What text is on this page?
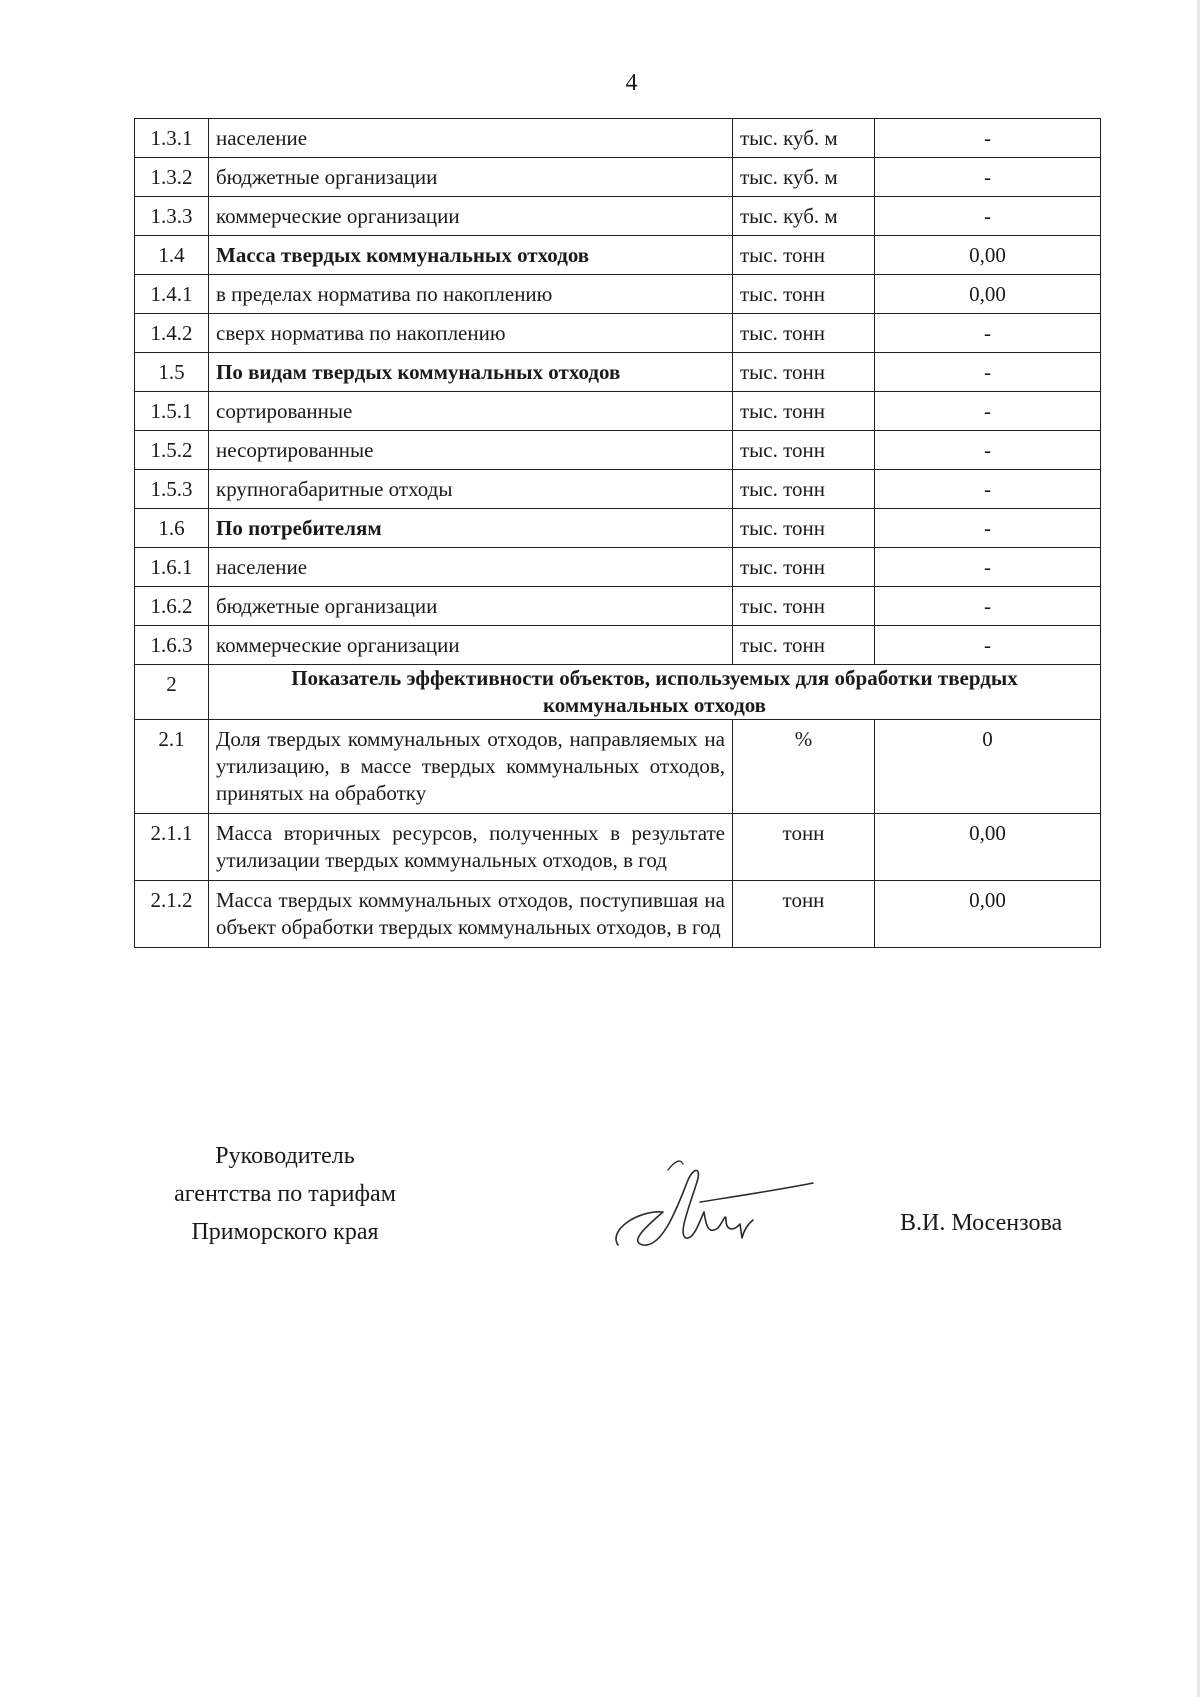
4
1.3.1	население	тыс. куб. м	-
1.3.2	бюджетные организации	тыс. куб. м	-
1.3.3	коммерческие организации	тыс. куб. м	-
1.4	Масса твердых коммунальных отходов	тыс. тонн	0,00
1.4.1	в пределах норматива по накоплению	тыс. тонн	0,00
1.4.2	сверх норматива по накоплению	тыс. тонн	-
1.5	По видам твердых коммунальных отходов	тыс. тонн	-
1.5.1	сортированные	тыс. тонн	-
1.5.2	несортированные	тыс. тонн	-
1.5.3	крупногабаритные отходы	тыс. тонн	-
1.6	По потребителям	тыс. тонн	-
1.6.1	население	тыс. тонн	-
1.6.2	бюджетные организации	тыс. тонн	-
1.6.3	коммерческие организации	тыс. тонн	-
2	Показатель эффективности объектов, используемых для обработки твердых коммунальных отходов		
2.1	Доля твердых коммунальных отходов, направляемых на утилизацию, в массе твердых коммунальных отходов, принятых на обработку	%	0
2.1.1	Масса вторичных ресурсов, полученных в результате утилизации твердых коммунальных отходов, в год	тонн	0,00
2.1.2	Масса твердых коммунальных отходов, поступившая на объект обработки твердых коммунальных отходов, в год	тонн	0,00
Руководитель
агентства по тарифам
Приморского края	В.И. Мосензова
